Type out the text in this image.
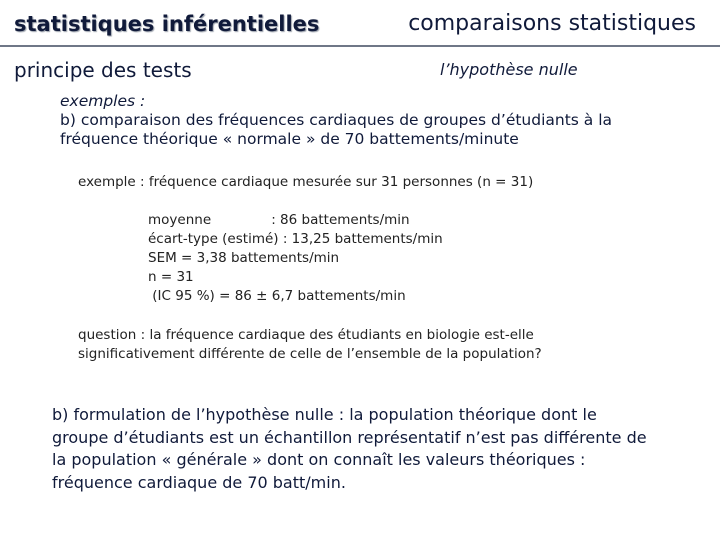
statistiques inférentielles	comparaisons statistiques
principe des tests	l’hypothèse nulle
exemples :
b) comparaison des fréquences cardiaques de groupes d’étudiants à la
fréquence théorique « normale » de 70 battements/minute
exemple : fréquence cardiaque mesurée sur 31 personnes (n = 31)
moyenne              : 86 battements/min
écart-type (estimé) : 13,25 battements/min
SEM = 3,38 battements/min
n = 31
(IC 95 %) = 86 ± 6,7 battements/min
question : la fréquence cardiaque des étudiants en biologie est-elle
significativement différente de celle de l’ensemble de la population?
b) formulation de l’hypothèse nulle : la population théorique dont le
groupe d’étudiants est un échantillon représentatif n’est pas différente de
la population « générale » dont on connaît les valeurs théoriques :
fréquence cardiaque de 70 batt/min.
